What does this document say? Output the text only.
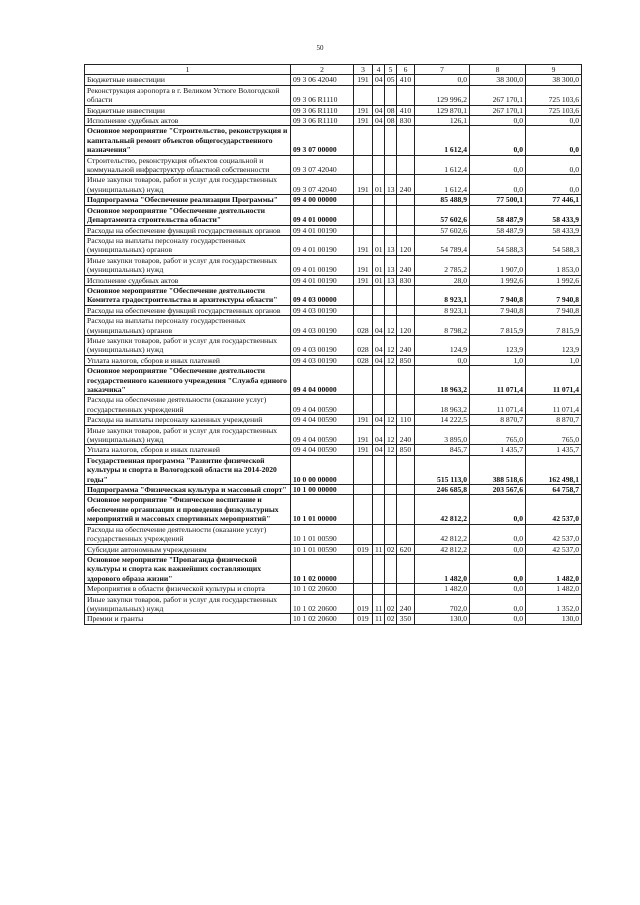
50
1	2	3	4	5	6	7	8	9
Бюджетные инвестиции	09 3 06 42040	191	04	05	410	0,0	38 300,0	38 300,0
Реконструкция аэропорта в г. Великом Устюге Вологодской области	09 3 06 R1110					129 996,2	267 170,1	725 103,6
Бюджетные инвестиции	09 3 06 R1110	191	04	08	410	129 870,1	267 170,1	725 103,6
Исполнение судебных актов	09 3 06 R1110	191	04	08	830	126,1	0,0	0,0
Основное мероприятие "Строительство, реконструкция и капитальный ремонт объектов общегосударственного назначения"	09 3 07 00000					1 612,4	0,0	0,0
Строительство, реконструкция объектов социальной и коммунальной инфраструктур областной собственности	09 3 07 42040					1 612,4	0,0	0,0
Иные закупки товаров, работ и услуг для государственных (муниципальных) нужд	09 3 07 42040	191	01	13	240	1 612,4	0,0	0,0
Подпрограмма "Обеспечение реализации Программы"	09 4 00 00000					85 488,9	77 500,1	77 446,1
Основное мероприятие "Обеспечение деятельности Департамента строительства области"	09 4 01 00000					57 602,6	58 487,9	58 433,9
Расходы на обеспечение функций государственных органов	09 4 01 00190					57 602,6	58 487,9	58 433,9
Расходы на выплаты персоналу государственных (муниципальных) органов	09 4 01 00190	191	01	13	120	54 789,4	54 588,3	54 588,3
Иные закупки товаров, работ и услуг для государственных (муниципальных) нужд	09 4 01 00190	191	01	13	240	2 785,2	1 907,0	1 853,0
Исполнение судебных актов	09 4 01 00190	191	01	13	830	28,0	1 992,6	1 992,6
Основное мероприятие "Обеспечение деятельности Комитета градостроительства и архитектуры области"	09 4 03 00000					8 923,1	7 940,8	7 940,8
Расходы на обеспечение функций государственных органов	09 4 03 00190					8 923,1	7 940,8	7 940,8
Расходы на выплаты персоналу государственных (муниципальных) органов	09 4 03 00190	028	04	12	120	8 798,2	7 815,9	7 815,9
Иные закупки товаров, работ и услуг для государственных (муниципальных) нужд	09 4 03 00190	028	04	12	240	124,9	123,9	123,9
Уплата налогов, сборов и иных платежей	09 4 03 00190	028	04	12	850	0,0	1,0	1,0
Основное мероприятие "Обеспечение деятельности государственного казенного учреждения "Служба единого заказчика"	09 4 04 00000					18 963,2	11 071,4	11 071,4
Расходы на обеспечение деятельности (оказание услуг) государственных учреждений	09 4 04 00590					18 963,2	11 071,4	11 071,4
Расходы на выплаты персоналу казенных учреждений	09 4 04 00590	191	04	12	110	14 222,5	8 870,7	8 870,7
Иные закупки товаров, работ и услуг для государственных (муниципальных) нужд	09 4 04 00590	191	04	12	240	3 895,0	765,0	765,0
Уплата налогов, сборов и иных платежей	09 4 04 00590	191	04	12	850	845,7	1 435,7	1 435,7
Государственная программа "Развитие физической культуры и спорта в Вологодской области на 2014-2020 годы"	10 0 00 00000					515 113,0	388 518,6	162 498,1
Подпрограмма "Физическая культура и массовый спорт"	10 1 00 00000					246 685,8	203 567,6	64 758,7
Основное мероприятие "Физическое воспитание и обеспечение организации и проведения физкультурных мероприятий и массовых спортивных мероприятий"	10 1 01 00000					42 812,2	0,0	42 537,0
Расходы на обеспечение деятельности (оказание услуг) государственных учреждений	10 1 01 00590					42 812,2	0,0	42 537,0
Субсидии автономным учреждениям	10 1 01 00590	019	11	02	620	42 812,2	0,0	42 537,0
Основное мероприятие "Пропаганда физической культуры и спорта как важнейших составляющих здорового образа жизни"	10 1 02 00000					1 482,0	0,0	1 482,0
Мероприятия в области физической культуры и спорта	10 1 02 20600					1 482,0	0,0	1 482,0
Иные закупки товаров, работ и услуг для государственных (муниципальных) нужд	10 1 02 20600	019	11	02	240	702,0	0,0	1 352,0
Премии и гранты	10 1 02 20600	019	11	02	350	130,0	0,0	130,0
